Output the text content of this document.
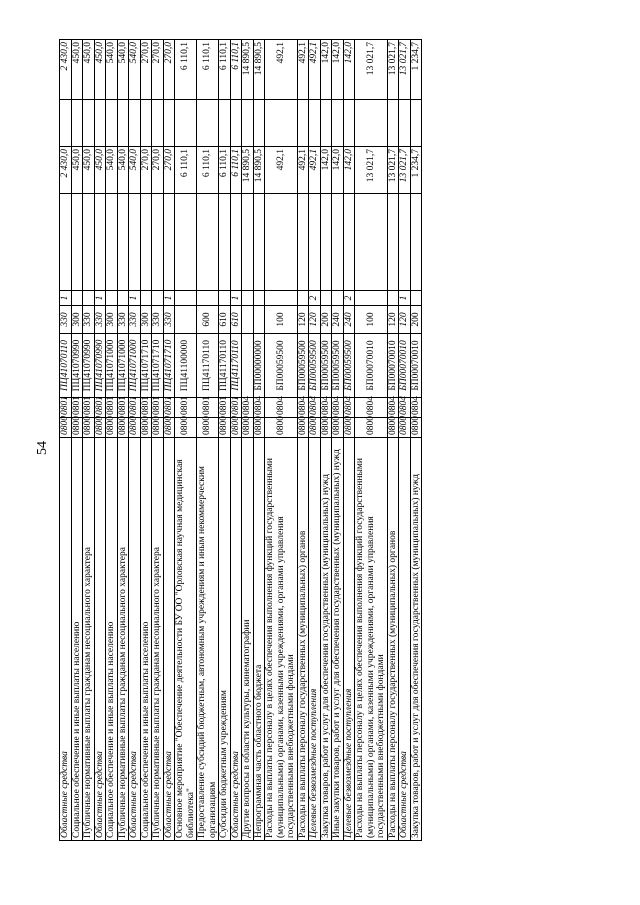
54
Областные средства	0800	0801	ПЦ41070110	330	1		2 430,0		2 430,0
Социальное обеспечение и иные выплаты населению	0800	0801	ПЦ41070990	300			450,0		450,0
Публичные нормативные выплаты гражданам несоциального характера	0800	0801	ПЦ41070990	330			450,0		450,0
Областные средства	0800	0801	ПЦ41070990	330	1		450,0		450,0
Социальное обеспечение и иные выплаты населению	0800	0801	ПЦ41071000	300			540,0		540,0
Публичные нормативные выплаты гражданам несоциального характера	0800	0801	ПЦ41071000	330			540,0		540,0
Областные средства	0800	0801	ПЦ41071000	330	1		540,0		540,0
Социальное обеспечение и иные выплаты населению	0800	0801	ПЦ41071710	300			270,0		270,0
Публичные нормативные выплаты гражданам несоциального характера	0800	0801	ПЦ41071710	330			270,0		270,0
Областные средства	0800	0801	ПЦ41071710	330	1		270,0		270,0
Основное мероприятие "Обеспечение деятельности БУ ОО "Орловская научная медицинская библиотека"	0800	0801	ПЦ41100000				6 110,1		6 110,1
Предоставление субсидий бюджетным, автономным учреждениям и иным некоммерческим организациям	0800	0801	ПЦ41170110	600			6 110,1		6 110,1
Субсидии бюджетным учреждениям	0800	0801	ПЦ41170110	610			6 110,1		6 110,1
Областные средства	0800	0801	ПЦ41170110	610	1		6 110,1		6 110,1
Другие вопросы в области культуры, кинематографии	0800	0804					14 890,5		14 890,5
Непрограммная часть областного бюджета	0800	0804	БП00000000				14 890,5		14 890,5
Расходы на выплаты персоналу в целях обеспечения выполнения функций государственными (муниципальными) органами, казенными учреждениями, органами управления государственными внебюджетными фондами	0800	0804	БП00059500	100			492,1		492,1
Расходы на выплаты персоналу государственных (муниципальных) органов	0800	0804	БП00059500	120			492,1		492,1
Целевые безвозмездные поступления	0800	0804	БП00059500	120	2		492,1		492,1
Закупка товаров, работ и услуг для обеспечения государственных (муниципальных) нужд	0800	0804	БП00059500	200			142,0		142,0
Иные закупки товаров, работ и услуг для обеспечения государственных (муниципальных) нужд	0800	0804	БП00059500	240			142,0		142,0
Целевые безвозмездные поступления	0800	0804	БП00059500	240	2		142,0		142,0
Расходы на выплаты персоналу в целях обеспечения выполнения функций государственными (муниципальными) органами, казенными учреждениями, органами управления государственными внебюджетными фондами	0800	0804	БП00070010	100			13 021,7		13 021,7
Расходы на выплаты персоналу государственных (муниципальных) органов	0800	0804	БП00070010	120			13 021,7		13 021,7
Областные средства	0800	0804	БП00070010	120	1		13 021,7		13 021,7
Закупка товаров, работ и услуг для обеспечения государственных (муниципальных) нужд	0800	0804	БП00070010	200			1 234,7		1 234,7
